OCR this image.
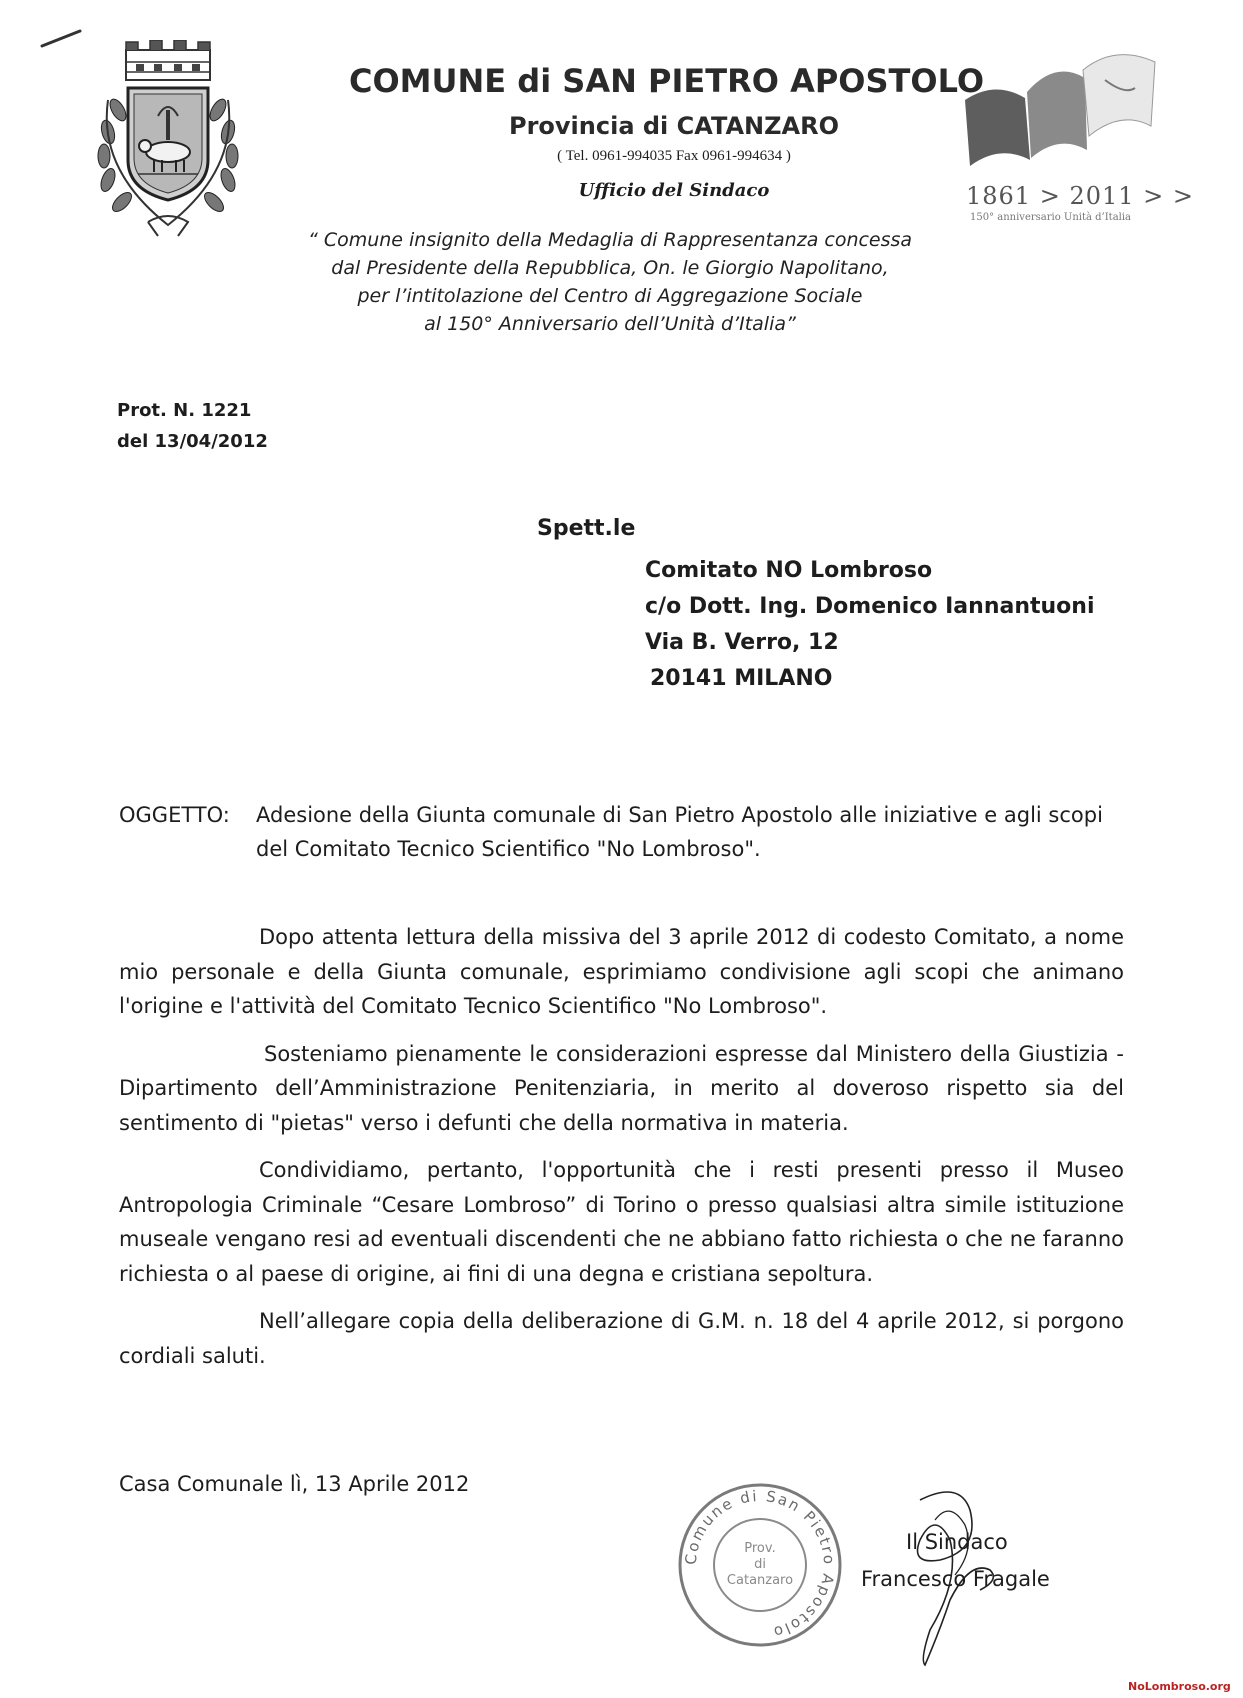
1861 > 2011 > >
150° anniversario Unità d’Italia
COMUNE di SAN PIETRO APOSTOLO
Provincia di CATANZARO
( Tel. 0961-994035 Fax 0961-994634 )
Ufficio del Sindaco
“ Comune insignito della Medaglia di Rappresentanza concessa
dal Presidente della Repubblica, On. le Giorgio Napolitano,
per l’intitolazione del Centro di Aggregazione Sociale
al 150° Anniversario dell’Unità d’Italia”
Prot. N. 1221
del 13/04/2012
Spett.le
Comitato NO Lombroso
c/o Dott. Ing. Domenico Iannantuoni
Via B. Verro, 12
20141 MILANO
OGGETTO: Adesione della Giunta comunale di San Pietro Apostolo alle iniziative e agli scopi del Comitato Tecnico Scientifico "No Lombroso".

Dopo attenta lettura della missiva del 3 aprile 2012 di codesto Comitato, a nome mio personale e della Giunta comunale, esprimiamo condivisione agli scopi che animano l'origine e l'attività del Comitato Tecnico Scientifico "No Lombroso".

Sosteniamo pienamente le considerazioni espresse dal Ministero della Giustizia - Dipartimento dell’Amministrazione Penitenziaria, in merito al doveroso rispetto sia del sentimento di "pietas" verso i defunti che della normativa in materia.

Condividiamo, pertanto, l'opportunità che i resti presenti presso il Museo Antropologia Criminale “Cesare Lombroso” di Torino o presso qualsiasi altra simile istituzione museale vengano resi ad eventuali discendenti che ne abbiano fatto richiesta o che ne faranno richiesta o al paese di origine, ai fini di una degna e cristiana sepoltura.

Nell’allegare copia della deliberazione di G.M. n. 18 del 4 aprile 2012, si porgono cordiali saluti.

Casa Comunale lì, 13 Aprile 2012
Comune di San Pietro Apostolo
Prov.
di
Catanzaro
Il Sindaco
Francesco Fragale
NoLombroso.org
